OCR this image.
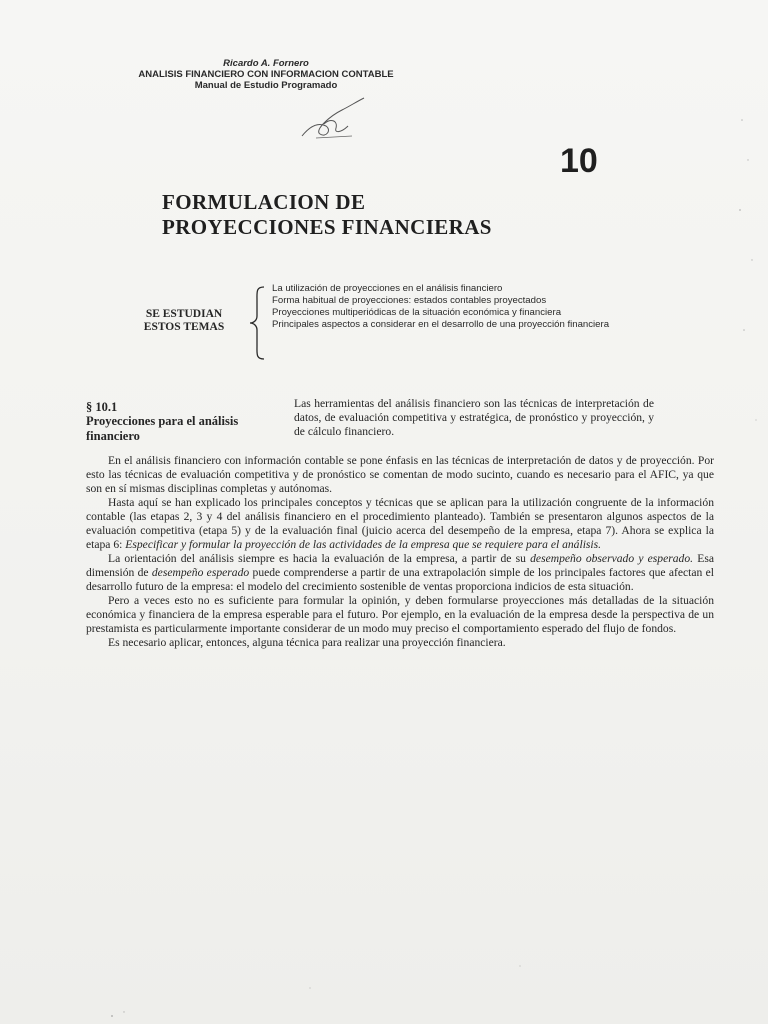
Ricardo A. Fornero
ANALISIS FINANCIERO CON INFORMACION CONTABLE
Manual de Estudio Programado
10
FORMULACION DE
PROYECCIONES FINANCIERAS
SE ESTUDIAN
ESTOS TEMAS
La utilización de proyecciones en el análisis financiero
Forma habitual de proyecciones: estados contables proyectados
Proyecciones multiperiódicas de la situación económica y financiera
Principales aspectos a considerar en el desarrollo de una proyección financiera
§ 10.1
Proyecciones para el análisis financiero
Las herramientas del análisis financiero son las técnicas de interpretación de datos, de evaluación competitiva y estratégica, de pronóstico y proyección, y de cálculo financiero.

En el análisis financiero con información contable se pone énfasis en las técnicas de interpretación de datos y de proyección. Por esto las técnicas de evaluación competitiva y de pronóstico se comentan de modo sucinto, cuando es necesario para el AFIC, ya que son en sí mismas disciplinas completas y autónomas.

Hasta aquí se han explicado los principales conceptos y técnicas que se aplican para la utilización congruente de la información contable (las etapas 2, 3 y 4 del análisis financiero en el procedimiento planteado). También se presentaron algunos aspectos de la evaluación competitiva (etapa 5) y de la evaluación final (juicio acerca del desempeño de la empresa, etapa 7). Ahora se explica la etapa 6: Especificar y formular la proyección de las actividades de la empresa que se requiere para el análisis.

La orientación del análisis siempre es hacia la evaluación de la empresa, a partir de su desempeño observado y esperado. Esa dimensión de desempeño esperado puede comprenderse a partir de una extrapolación simple de los principales factores que afectan el desarrollo futuro de la empresa: el modelo del crecimiento sostenible de ventas proporciona indicios de esta situación.

Pero a veces esto no es suficiente para formular la opinión, y deben formularse proyecciones más detalladas de la situación económica y financiera de la empresa esperable para el futuro. Por ejemplo, en la evaluación de la empresa desde la perspectiva de un prestamista es particularmente importante considerar de un modo muy preciso el comportamiento esperado del flujo de fondos.

Es necesario aplicar, entonces, alguna técnica para realizar una proyección financiera.
